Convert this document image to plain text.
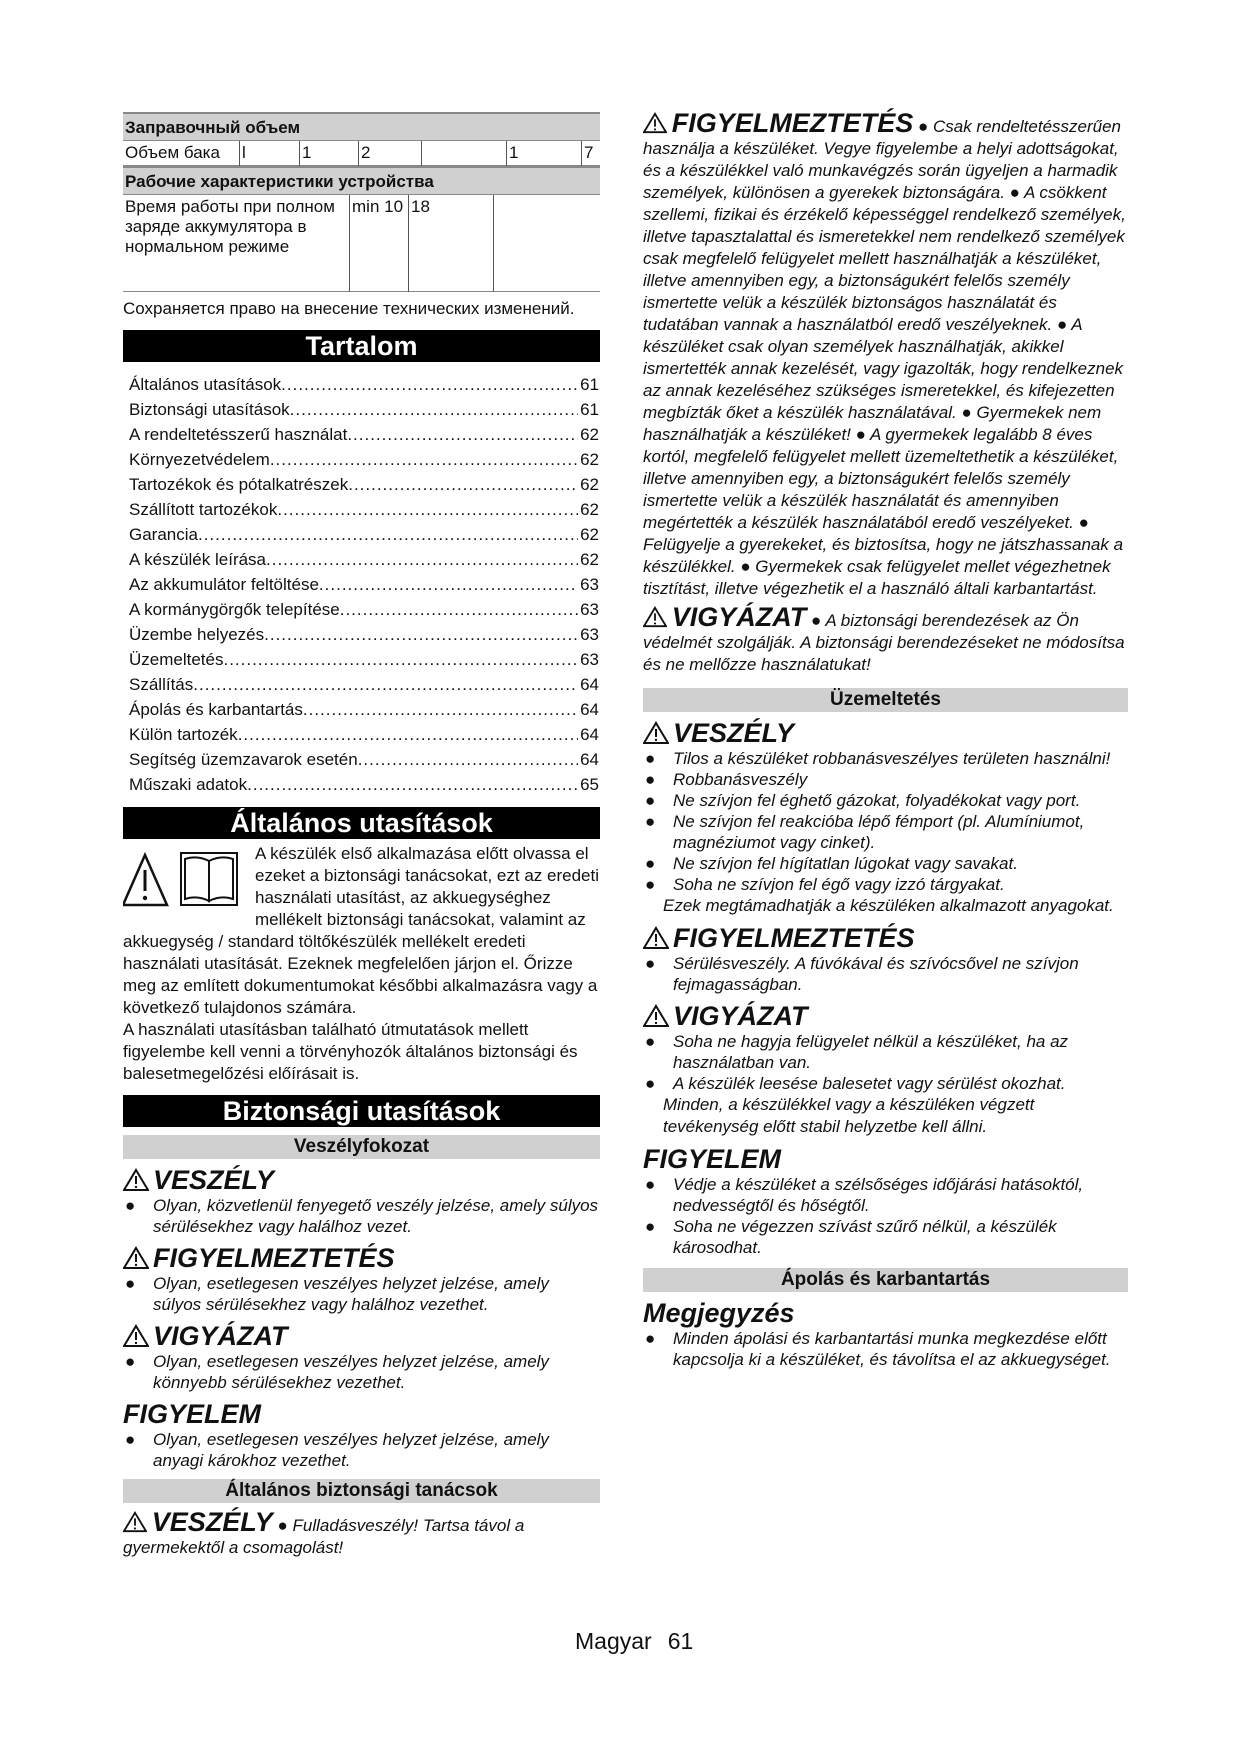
Заправочный объем
Объем бака	l	1	2		1	7
Рабочие характеристики устройства
Время работы при полном заряде аккумулятора в нормальном режиме	min 10	18	
Сохраняется право на внесение технических изменений.
Tartalom
Általános utasítások .....	61
Biztonsági utasítások .....	61
A rendeltetésszerű használat .....	62
Környezetvédelem .....	62
Tartozékok és pótalkatrészek .....	62
Szállított tartozékok .....	62
Garancia .....	62
A készülék leírása .....	62
Az akkumulátor feltöltése .....	63
A kormánygörgők telepítése .....	63
Üzembe helyezés .....	63
Üzemeltetés .....	63
Szállítás .....	64
Ápolás és karbantartás .....	64
Külön tartozék .....	64
Segítség üzemzavarok esetén .....	64
Műszaki adatok .....	65
Általános utasítások
A készülék első alkalmazása előtt olvassa el ezeket a biztonsági tanácsokat, ezt az eredeti használati utasítást, az akkuegységhez mellékelt biztonsági tanácsokat, valamint az akkuegység / standard töltőkészülék mellékelt eredeti használati utasítását. Ezeknek megfelelően járjon el. Őrizze meg az említett dokumentumokat későbbi alkalmazásra vagy a következő tulajdonos számára.
A használati utasításban található útmutatások mellett figyelembe kell venni a törvényhozók általános biztonsági és balesetmegelőzési előírásait is.
Biztonsági utasítások
Veszélyfokozat
VESZÉLY
● Olyan, közvetlenül fenyegető veszély jelzése, amely súlyos sérülésekhez vagy halálhoz vezet.
FIGYELMEZTETÉS
● Olyan, esetlegesen veszélyes helyzet jelzése, amely súlyos sérülésekhez vagy halálhoz vezethet.
VIGYÁZAT
● Olyan, esetlegesen veszélyes helyzet jelzése, amely könnyebb sérülésekhez vezethet.
FIGYELEM
● Olyan, esetlegesen veszélyes helyzet jelzése, amely anyagi károkhoz vezethet.
Általános biztonsági tanácsok
VESZÉLY ● Fulladásveszély! Tartsa távol a gyermekektől a csomagolást!
FIGYELMEZTETÉS ● Csak rendeltetésszerűen használja a készüléket. Vegye figyelembe a helyi adottságokat, és a készülékkel való munkavégzés során ügyeljen a harmadik személyek, különösen a gyerekek biztonságára. ● A csökkent szellemi, fizikai és érzékelő képességgel rendelkező személyek, illetve tapasztalattal és ismeretekkel nem rendelkező személyek csak megfelelő felügyelet mellett használhatják a készüléket, illetve amennyiben egy, a biztonságukért felelős személy ismertette velük a készülék biztonságos használatát és tudatában vannak a használatból eredő veszélyeknek. ● A készüléket csak olyan személyek használhatják, akikkel ismertették annak kezelését, vagy igazolták, hogy rendelkeznek az annak kezeléséhez szükséges ismeretekkel, és kifejezetten megbízták őket a készülék használatával. ● Gyermekek nem használhatják a készüléket! ● A gyermekek legalább 8 éves kortól, megfelelő felügyelet mellett üzemeltethetik a készüléket, illetve amennyiben egy, a biztonságukért felelős személy ismertette velük a készülék használatát és amennyiben megértették a készülék használatából eredő veszélyeket. ● Felügyelje a gyerekeket, és biztosítsa, hogy ne játszhassanak a készülékkel. ● Gyermekek csak felügyelet mellet végezhetnek tisztítást, illetve végezhetik el a használó általi karbantartást.
VIGYÁZAT ● A biztonsági berendezések az Ön védelmét szolgálják. A biztonsági berendezéseket ne módosítsa és ne mellőzze használatukat!
Üzemeltetés
VESZÉLY
● Tilos a készüléket robbanásveszélyes területen használni!
● Robbanásveszély
● Ne szívjon fel éghető gázokat, folyadékokat vagy port.
● Ne szívjon fel reakcióba lépő fémport (pl. Alumíniumot, magnéziumot vagy cinket).
● Ne szívjon fel hígítatlan lúgokat vagy savakat.
● Soha ne szívjon fel égő vagy izzó tárgyakat.
Ezek megtámadhatják a készüléken alkalmazott anyagokat.
FIGYELMEZTETÉS
● Sérülésveszély. A fúvókával és szívócsővel ne szívjon fejmagasságban.
VIGYÁZAT
● Soha ne hagyja felügyelet nélkül a készüléket, ha az használatban van.
● A készülék leesése balesetet vagy sérülést okozhat.
Minden, a készülékkel vagy a készüléken végzett tevékenység előtt stabil helyzetbe kell állni.
FIGYELEM
● Védje a készüléket a szélsőséges időjárási hatásoktól, nedvességtől és hőségtől.
● Soha ne végezzen szívást szűrő nélkül, a készülék károsodhat.
Ápolás és karbantartás
Megjegyzés
● Minden ápolási és karbantartási munka megkezdése előtt kapcsolja ki a készüléket, és távolítsa el az akkuegységet.
Magyar 61
